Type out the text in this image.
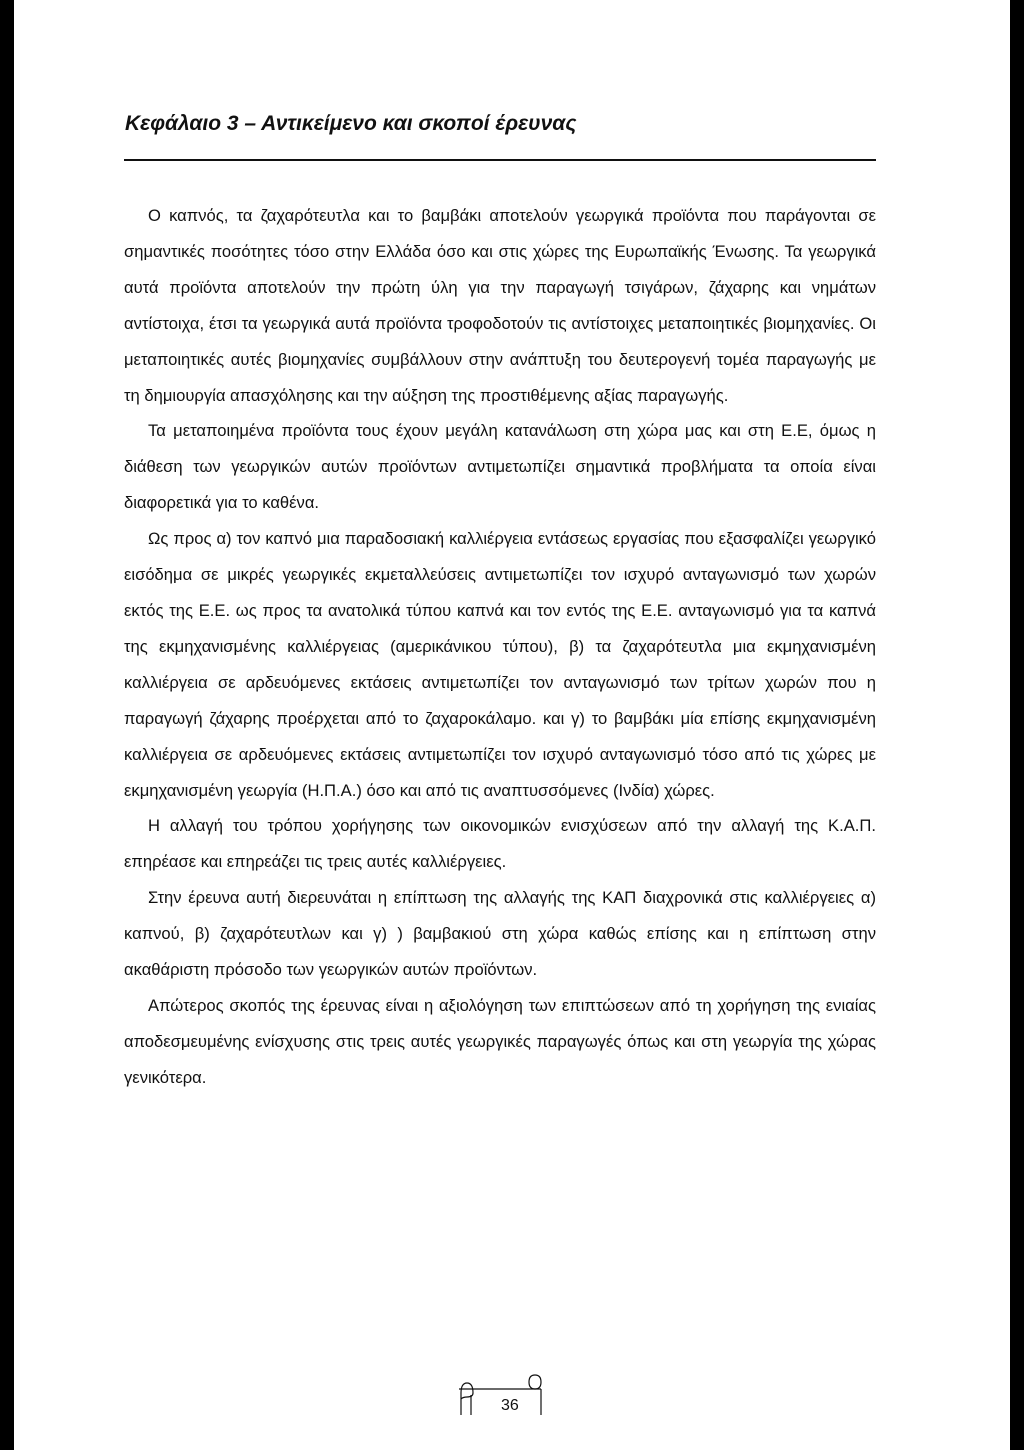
Κεφάλαιο 3 – Αντικείμενο και σκοποί έρευνας

Ο καπνός, τα ζαχαρότευτλα και το βαμβάκι αποτελούν γεωργικά προϊόντα που παράγονται σε σημαντικές ποσότητες τόσο στην Ελλάδα όσο και στις χώρες της Ευρωπαϊκής Ένωσης. Τα γεωργικά αυτά προϊόντα αποτελούν την πρώτη ύλη για την παραγωγή τσιγάρων, ζάχαρης και νημάτων αντίστοιχα, έτσι τα γεωργικά αυτά προϊόντα τροφοδοτούν τις αντίστοιχες μεταποιητικές βιομηχανίες. Οι μεταποιητικές αυτές βιομηχανίες συμβάλλουν στην ανάπτυξη του δευτερογενή τομέα παραγωγής με τη δημιουργία απασχόλησης και την αύξηση της προστιθέμενης αξίας παραγωγής.

Τα μεταποιημένα προϊόντα τους έχουν μεγάλη κατανάλωση στη χώρα μας και στη Ε.Ε, όμως η διάθεση των γεωργικών αυτών προϊόντων αντιμετωπίζει σημαντικά προβλήματα τα οποία είναι διαφορετικά για το καθένα.

Ως προς α) τον καπνό μια παραδοσιακή καλλιέργεια εντάσεως εργασίας που εξασφαλίζει γεωργικό εισόδημα σε μικρές γεωργικές εκμεταλλεύσεις αντιμετωπίζει τον ισχυρό ανταγωνισμό των χωρών εκτός της Ε.Ε. ως προς τα ανατολικά τύπου καπνά και τον εντός της Ε.Ε. ανταγωνισμό για τα καπνά της εκμηχανισμένης καλλιέργειας (αμερικάνικου τύπου), β) τα ζαχαρότευτλα μια εκμηχανισμένη καλλιέργεια σε αρδευόμενες εκτάσεις αντιμετωπίζει τον ανταγωνισμό των τρίτων χωρών που η παραγωγή ζάχαρης προέρχεται από το ζαχαροκάλαμο. και γ) το βαμβάκι μία επίσης εκμηχανισμένη καλλιέργεια σε αρδευόμενες εκτάσεις αντιμετωπίζει τον ισχυρό ανταγωνισμό τόσο από τις χώρες με εκμηχανισμένη γεωργία (Η.Π.Α.) όσο και από τις αναπτυσσόμενες (Ινδία) χώρες.

Η αλλαγή του τρόπου χορήγησης των οικονομικών ενισχύσεων από την αλλαγή της Κ.Α.Π. επηρέασε και επηρεάζει τις τρεις αυτές καλλιέργειες.

Στην έρευνα αυτή διερευνάται η επίπτωση της αλλαγής της ΚΑΠ διαχρονικά στις καλλιέργειες α) καπνού, β) ζαχαρότευτλων και γ) ) βαμβακιού στη χώρα καθώς επίσης και η επίπτωση στην ακαθάριστη πρόσοδο των γεωργικών αυτών προϊόντων.

Απώτερος σκοπός της έρευνας είναι η αξιολόγηση των επιπτώσεων από τη χορήγηση της ενιαίας αποδεσμευμένης ενίσχυσης στις τρεις αυτές γεωργικές παραγωγές όπως και στη γεωργία της χώρας γενικότερα.

36
